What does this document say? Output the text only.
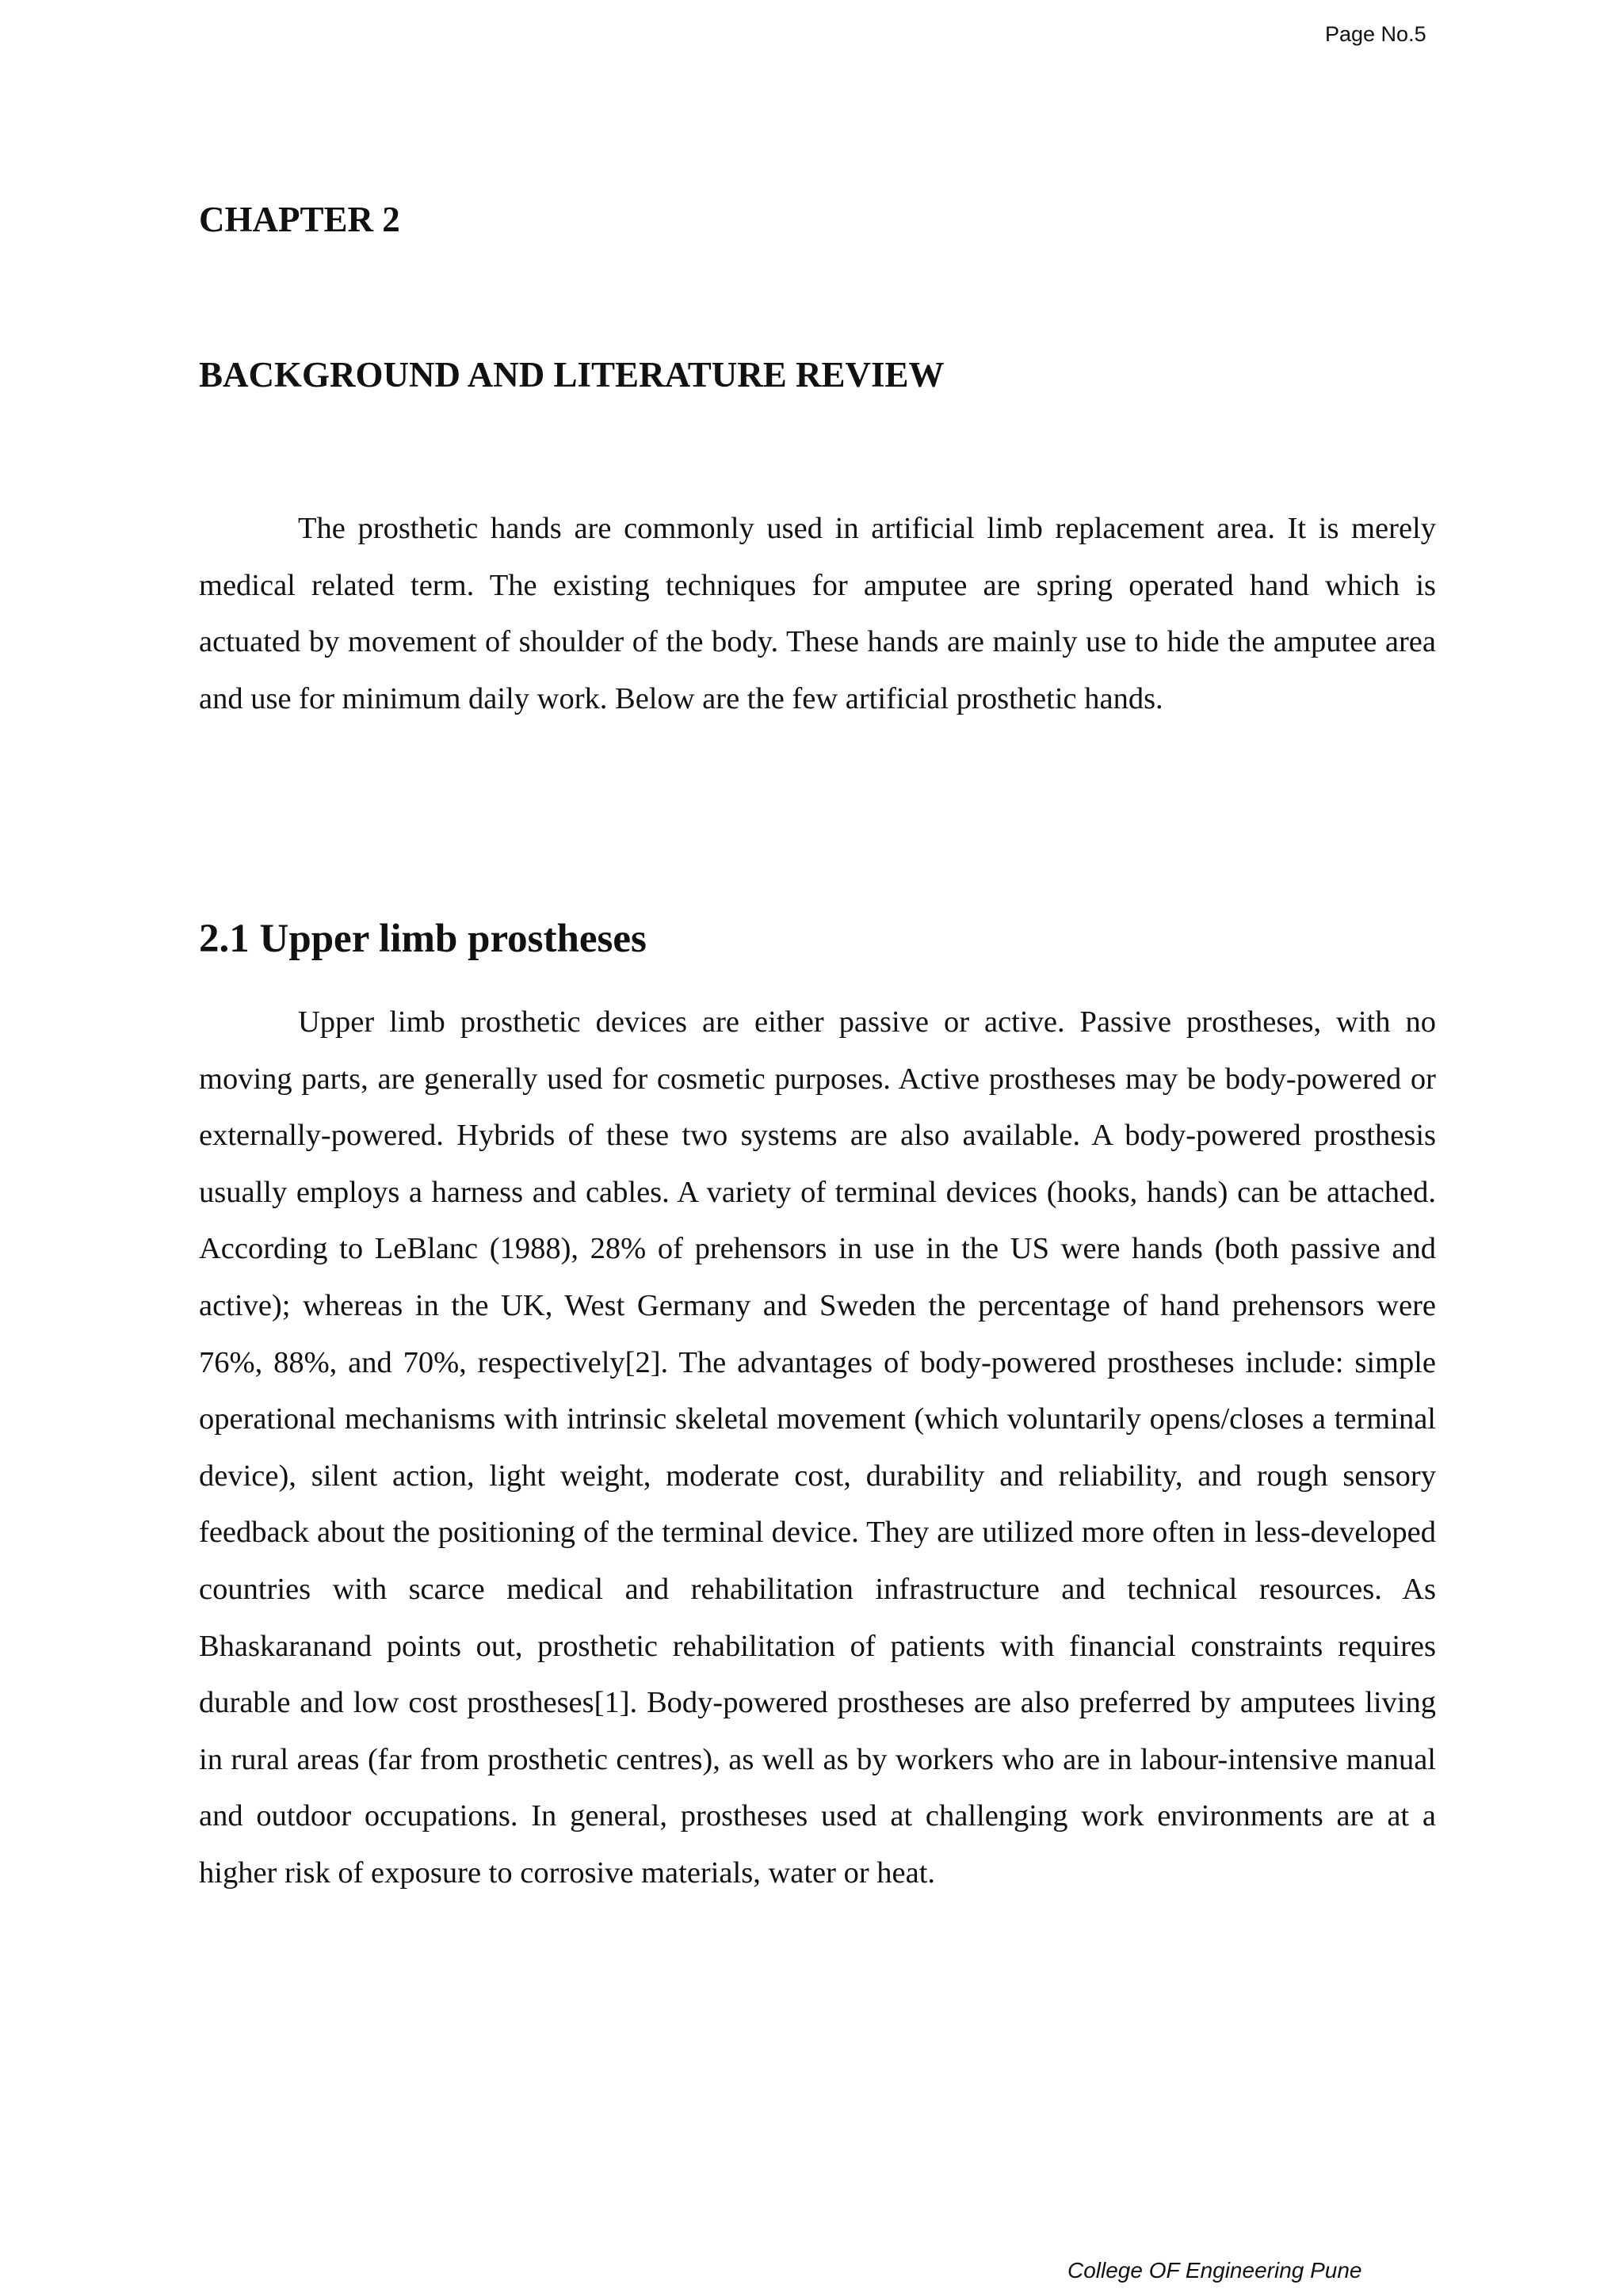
Page No.5
CHAPTER 2
BACKGROUND AND LITERATURE REVIEW

The prosthetic hands are commonly used in artificial limb replacement area. It is merely medical related term. The existing techniques for amputee are spring operated hand which is actuated by movement of shoulder of the body. These hands are mainly use to hide the amputee area and use for minimum daily work. Below are the few artificial prosthetic hands.

2.1 Upper limb prostheses

Upper limb prosthetic devices are either passive or active. Passive prostheses, with no moving parts, are generally used for cosmetic purposes. Active prostheses may be body-powered or externally-powered. Hybrids of these two systems are also available. A body-powered prosthesis usually employs a harness and cables. A variety of terminal devices (hooks, hands) can be attached. According to LeBlanc (1988), 28% of prehensors in use in the US were hands (both passive and active); whereas in the UK, West Germany and Sweden the percentage of hand prehensors were 76%, 88%, and 70%, respectively[2]. The advantages of body-powered prostheses include: simple operational mechanisms with intrinsic skeletal movement (which voluntarily opens/closes a terminal device), silent action, light weight, moderate cost, durability and reliability, and rough sensory feedback about the positioning of the terminal device. They are utilized more often in less-developed countries with scarce medical and rehabilitation infrastructure and technical resources. As Bhaskaranand points out, prosthetic rehabilitation of patients with financial constraints requires durable and low cost prostheses[1]. Body-powered prostheses are also preferred by amputees living in rural areas (far from prosthetic centres), as well as by workers who are in labour-intensive manual and outdoor occupations. In general, prostheses used at challenging work environments are at a higher risk of exposure to corrosive materials, water or heat.

College OF Engineering Pune
